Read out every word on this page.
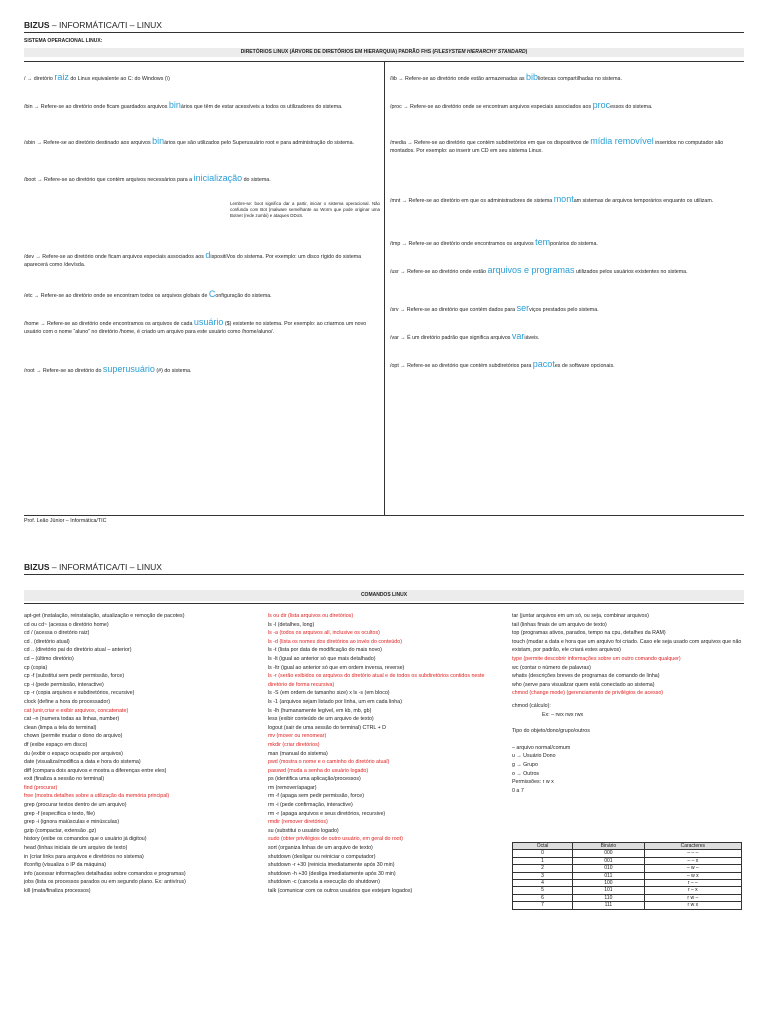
BIZUS – INFORMÁTICA/TI – LINUX
SISTEMA OPERACIONAL LINUX:
DIRETÓRIOS LINUX (ÁRVORE DE DIRETÓRIOS EM HIERARQUIA) PADRÃO FHS (FILESYSTEM HIERARCHY STANDARD)
/ → diretório raiz do Linux equivalente ao C: do Windows (\)
/bin → Refere-se ao diretório onde ficam guardados arquivos binários que têm de estar acessíveis a todos os utilizadores do sistema.
/sbin → Refere-se ao diretório destinado aos arquivos binários que são utilizados pelo Superusuário root e para administração do sistema.
/boot → Refere-se ao diretório que contém arquivos necessários para a inicialização do sistema.
/dev → Refere-se ao diretório onde ficam arquivos especiais associados aos dispositiVos do sistema. Por exemplo: um disco rígido do sistema aparecerá como /dev/sda.
/etc → Refere-se ao diretório onde se encontram todos os arquivos globais de Configuração do sistema.
/home → Refere-se ao diretório onde encontramos os arquivos de cada usuário ($) existente no sistema. Por exemplo: ao criarmos um novo usuário com o nome “aluno” no diretório /home, é criado um arquivo para este usuário como /home/aluno/.
/root → Refere-se ao diretório do superusuário (#) do sistema.
Lembre-se: boot significa dar a partir, iniciar o sistema operacional. Não confunda com Bot (malware semelhante ao Worm que pode originar uma Botnet (rede zumbi) e ataques DDoS.
/lib → Refere-se ao diretório onde estão armazenadas as bibliotecas compartilhadas no sistema.
/proc → Refere-se ao diretório onde se encontram arquivos especiais associados aos processos do sistema.
/media → Refere-se ao diretório que contém subdiretórios em que os dispositivos de mídia removível inseridos no computador são montados. Por exemplo: ao inserir um CD em seu sistema Linux.
/mnt → Refere-se ao diretório em que os administradores de sistema montam sistemas de arquivos temporários enquanto os utilizam.
/tmp → Refere-se ao diretório onde encontramos os arquivos temporários do sistema.
/usr → Refere-se ao diretório onde estão arquivos e programas utilizados pelos usuários existentes no sistema.
/srv → Refere-se ao diretório que contém dados para serviços prestados pelo sistema.
/var → É um diretório padrão que significa arquivos variáveis.
/opt → Refere-se ao diretório que contém subdiretórios para pacotes de software opcionais.
Prof. Leão Júnior – Informática/TIC
BIZUS – INFORMÁTICA/TI – LINUX
COMANDOS LINUX

apt-get (instalação, reinstalação, atualização e remoção de pacotes)

cd ou cd~ (acessa o diretório home)

cd / (acessa o diretório raiz)

cd . (diretório atual)

cd .. (diretório pai do diretório atual – anterior)

cd – (último diretório)

cp (copia)

cp -f (substitui sem pedir permissão, force)

cp -i (pede permissão, interactive)

cp -r (copia arquivos e subdiretórios, recursive)

clock (define a hora do processador)

cat (unir,criar e exibir arquivos, concatenate)

cat –n (numera todas as linhas, number)

clean (limpa a tela do terminal)

chown (permite mudar o dono do arquivo)

df (exibe espaço em disco)

du (exibir o espaço ocupado por arquivos)

date (visualiza/modifica a data e hora do sistema)

diff (compara dois arquivos e mostra a diferenças entre eles)

exit (finaliza a sessão no terminal)

find (procurar)

free (mostra detalhes sobre a utilização da memória principal)

grep (procurar textos dentro de um arquivo)

grep -f (especifica o texto, file)

grep -i (ignora maiúsculas e minúsculas)

gzip (compactar, extensão .gz)

history (exibe os comandos que o usuário já digitou)

head (linhas iniciais de um arquivo de texto)

in (criar links para arquivos e diretórios no sistema)

ifconfig (visualiza o IP da máquina)

info (acessar informações detalhadas sobre comandos e programas)

jobs (lista os processos parados ou em segundo plano. Ex: antivírus)

kill (mata/finaliza processos)

ls ou dir (lista arquivos ou diretórios)

ls -l (detalhes, long)

ls -a (todos os arquivos all, inclusive os ocultos)

ls -d (lista os nomes dos diretórios ao invés do conteúdo)

ls -t (lista por data de modificação do mais novo)

ls -lt (igual ao anterior só que mais detalhado)

ls -ltr (igual ao anterior só que em ordem inversa, reverse)

ls -r (serão exibidos os arquivos do diretório atual e de todos os subdiretórios contidos neste diretório de forma recursiva)

ls -S (em ordem de tamanho size) x ls -s (em bloco)

ls -1 (arquivos sejam listado por linha, um em cada linha)

ls -lh (humanamente legível, em kb, mb, gb)

less (exibir conteúdo de um arquivo de texto)

logout (sair de uma sessão do terminal) CTRL + D

mv (mover ou renomear)

mkdir (criar diretórios)

man (manual do sistema)

pwd (mostra o nome e o caminho do diretório atual)

passwd (muda a senha do usuário logado)

ps (identifica uma aplicação/processos)

rm (remover/apagar)

rm -f (apaga sem pedir permissão, force)

rm -i (pede confirmação, interactive)

rm -r (apaga arquivos e seus diretórios, recursive)

rmdir (remover diretórios)

su (substitui o usuário logado)

sudo (obter privilégios de outro usuário, em geral do root)

sort (organiza linhas de um arquivo de texto)

shutdown (desligar ou reiniciar o computador)

shutdown -r +30 (reinicia imediatamente após 30 min)

shutdown -h +30 (desliga imediatamente após 30 min)

shutdown -c (cancela a execução do shutdown)

talk (comunicar com os outros usuários que estejam logados)

tar (juntar arquivos em um só, ou seja, combinar arquivos)

tail (linhas finais de um arquivo de texto)

top (programas ativos, parados, tempo na cpu, detalhes da RAM)

touch (mudar a data e hora que um arquivo foi criado. Caso ele seja usado com arquivos que não existam, por padrão, ele criará estes arquivos)

type (permite descobrir informações sobre um outro comando qualquer)

wc (contar o número de palavras)

whatis (descrições breves de programas de comando de linha)

who (serve para visualizar quem está conectado ao sistema)

chmod (change mode) (gerenciamento de privilégios de acesso)

chmod (cálculo):

Ex: – rwx rwx rwx

Tipo do objeto/dono/grupo/outros

– arquivo normal/comum

u → Usuário Dono

g → Grupo

o → Outros

Permissões: r w x

0 a 7

Octal	Binário	Caracteres
0	000	– – –
1	001	– – x
2	010	– w –
3	011	– w x
4	100	r – –
5	101	r – x
6	110	r w –
7	111	r w x
